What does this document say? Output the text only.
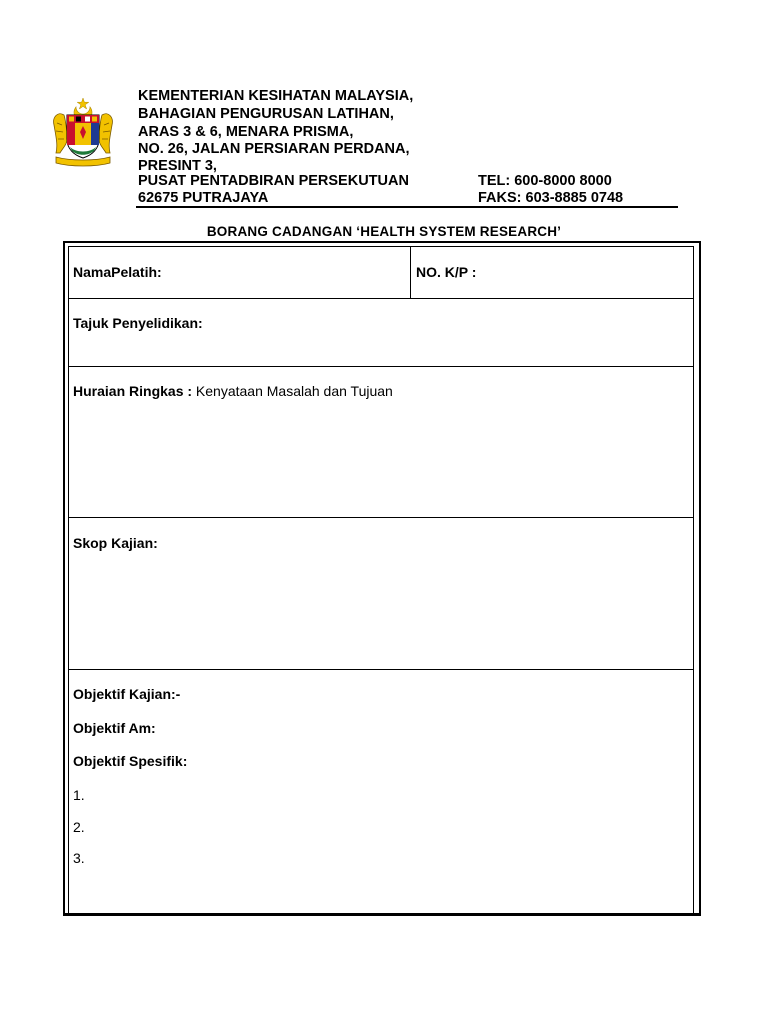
KEMENTERIAN KESIHATAN MALAYSIA,
BAHAGIAN PENGURUSAN LATIHAN,
ARAS 3 & 6, MENARA PRISMA,
NO. 26, JALAN PERSIARAN PERDANA,
PRESINT 3,
PUSAT PENTADBIRAN PERSEKUTUAN
62675 PUTRAJAYA
TEL: 600-8000 8000
FAKS: 603-8885 0748
BORANG CADANGAN ‘HEALTH SYSTEM RESEARCH’
NamaPelatih:	NO. K/P :
Tajuk Penyelidikan:
Huraian Ringkas : Kenyataan Masalah dan Tujuan
Skop Kajian:
Objektif Kajian:-
Objektif Am:
Objektif Spesifik:
1.
2.
3.
